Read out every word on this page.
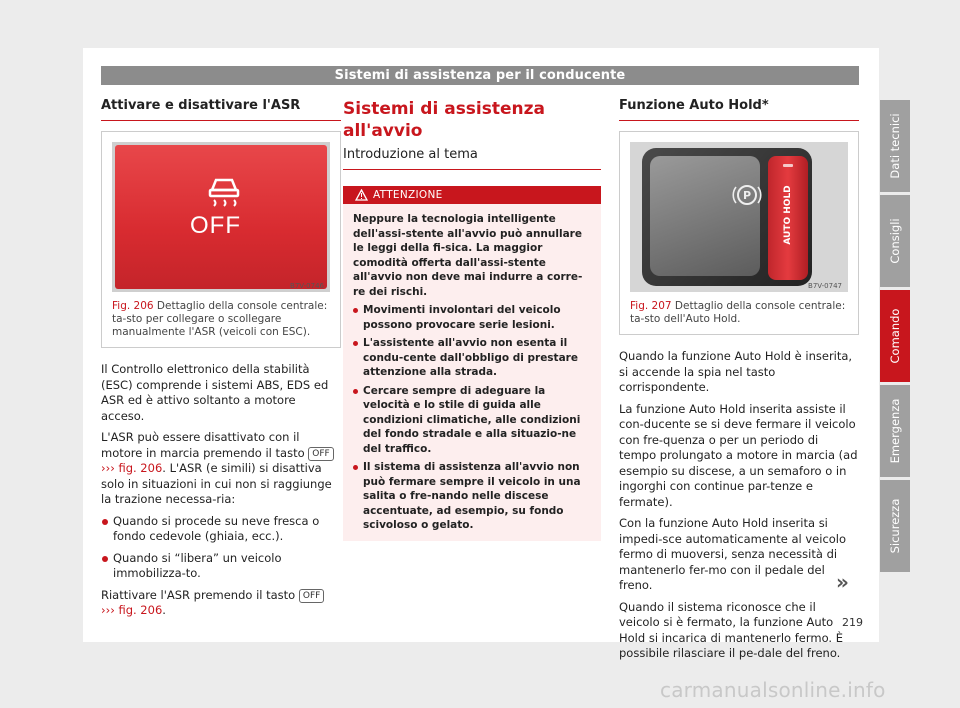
Sistemi di assistenza per il conducente
Attivare e disattivare l'ASR
OFF
B7V-0746
Fig. 206 Dettaglio della console centrale: ta-sto per collegare o scollegare manualmente l'ASR (veicoli con ESC).

Il Controllo elettronico della stabilità (ESC) comprende i sistemi ABS, EDS ed ASR ed è attivo soltanto a motore acceso.

L'ASR può essere disattivato con il motore in marcia premendo il tasto OFF ››› fig. 206. L'ASR (e simili) si disattiva solo in situazioni in cui non si raggiunge la trazione necessa-ria:

Quando si procede su neve fresca o fondo cedevole (ghiaia, ecc.).
Quando si “libera” un veicolo immobilizza-to.

Riattivare l'ASR premendo il tasto OFF
››› fig. 206.

Sistemi di assistenza all'avvio
Introduzione al tema
ATTENZIONE
Neppure la tecnologia intelligente dell'assi-stente all'avvio può annullare le leggi della fi-sica. La maggior comodità offerta dall'assi-stente all'avvio non deve mai indurre a corre-re dei rischi.
Movimenti involontari del veicolo possono provocare serie lesioni.
L'assistente all'avvio non esenta il condu-cente dall'obbligo di prestare attenzione alla strada.
Cercare sempre di adeguare la velocità e lo stile di guida alle condizioni climatiche, alle condizioni del fondo stradale e alla situazio-ne del traffico.
Il sistema di assistenza all'avvio non può fermare sempre il veicolo in una salita o fre-nando nelle discese accentuate, ad esempio, su fondo scivoloso o gelato.
Funzione Auto Hold*
P	AUTO HOLD
B7V-0747
Fig. 207 Dettaglio della console centrale: ta-sto dell'Auto Hold.

Quando la funzione Auto Hold è inserita, si accende la spia nel tasto corrispondente.

La funzione Auto Hold inserita assiste il con-ducente se si deve fermare il veicolo con fre-quenza o per un periodo di tempo prolungato a motore in marcia (ad esempio su discese, a un semaforo o in ingorghi con continue par-tenze e fermate).

Con la funzione Auto Hold inserita si impedi-sce automaticamente al veicolo fermo di muoversi, senza necessità di mantenerlo fer-mo con il pedale del freno.

Quando il sistema riconosce che il veicolo si è fermato, la funzione Auto Hold si incarica di mantenerlo fermo. È possibile rilasciare il pe-dale del freno.

»
Dati tecnici
Consigli
Comando
Emergenza
Sicurezza
219
carmanualsonline.info
